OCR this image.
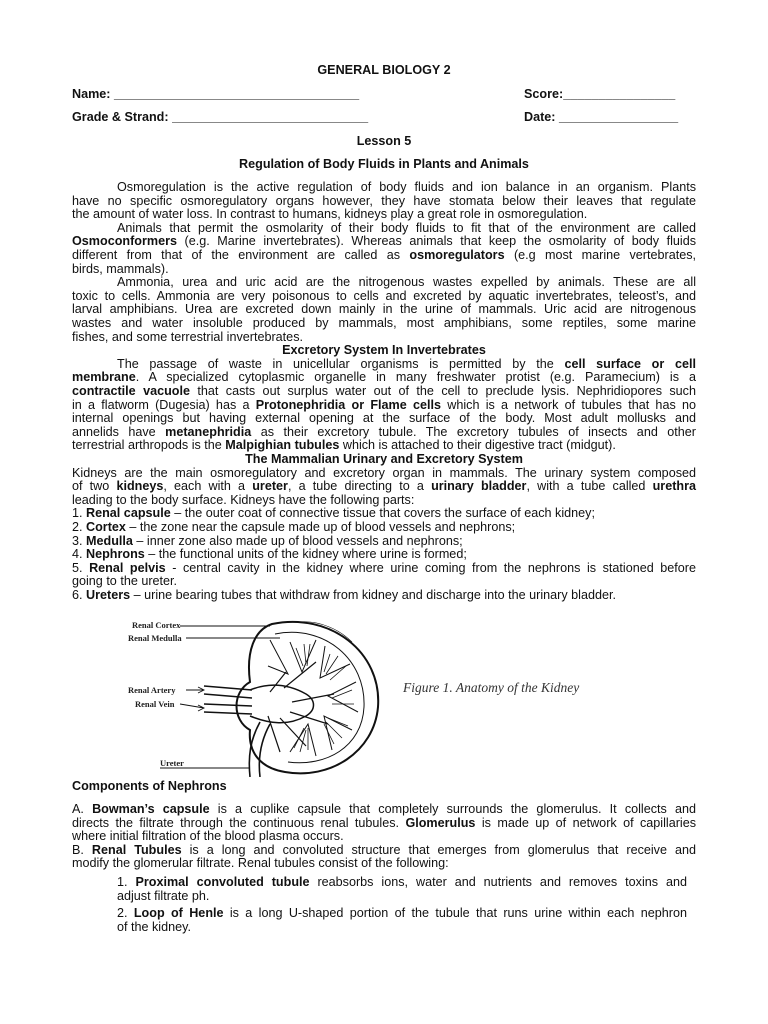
GENERAL BIOLOGY 2
Name: ___________________________________	Score:________________
Grade & Strand: ____________________________	Date: _________________
Lesson 5
Regulation of Body Fluids in Plants and Animals
Osmoregulation is the active regulation of body fluids and ion balance in an organism. Plants
have no specific osmoregulatory organs however, they have stomata below their leaves that regulate
the amount of water loss. In contrast to humans, kidneys play a great role in osmoregulation.
Animals that permit the osmolarity of their body fluids to fit that of the environment are called
Osmoconformers (e.g. Marine invertebrates). Whereas animals that keep the osmolarity of body fluids
different from that of the environment are called as osmoregulators (e.g most marine vertebrates,
birds, mammals).
Ammonia, urea and uric acid are the nitrogenous wastes expelled by animals. These are all
toxic to cells. Ammonia are very poisonous to cells and excreted by aquatic invertebrates, teleost’s, and
larval amphibians. Urea are excreted down mainly in the urine of mammals. Uric acid are nitrogenous
wastes and water insoluble produced by mammals, most amphibians, some reptiles, some marine
fishes, and some terrestrial invertebrates.
Excretory System In Invertebrates
The passage of waste in unicellular organisms is permitted by the cell surface or cell
membrane. A specialized cytoplasmic organelle in many freshwater protist (e.g. Paramecium) is a
contractile vacuole that casts out surplus water out of the cell to preclude lysis. Nephridiopores such
in a flatworm (Dugesia) has a Protonephridia or Flame cells which is a network of tubules that has no
internal openings but having external opening at the surface of the body. Most adult mollusks and
annelids have metanephridia as their excretory tubule. The excretory tubules of insects and other
terrestrial arthropods is the Malpighian tubules which is attached to their digestive tract (midgut).
The Mammalian Urinary and Excretory System
Kidneys are the main osmoregulatory and excretory organ in mammals. The urinary system composed
of two kidneys, each with a ureter, a tube directing to a urinary bladder, with a tube called urethra
leading to the body surface. Kidneys have the following parts:
1. Renal capsule – the outer coat of connective tissue that covers the surface of each kidney;
2. Cortex – the zone near the capsule made up of blood vessels and nephrons;
3. Medulla – inner zone also made up of blood vessels and nephrons;
4. Nephrons – the functional units of the kidney where urine is formed;
5. Renal pelvis - central cavity in the kidney where urine coming from the nephrons is stationed before
going to the ureter.
6. Ureters – urine bearing tubes that withdraw from kidney and discharge into the urinary bladder.
Renal Cortex
Renal Medulla
Renal Artery
Renal Vein
Ureter
Figure 1. Anatomy of the Kidney
Components of Nephrons
A. Bowman’s capsule is a cuplike capsule that completely surrounds the glomerulus. It collects and
directs the filtrate through the continuous renal tubules. Glomerulus is made up of network of capillaries
where initial filtration of the blood plasma occurs.
B. Renal Tubules is a long and convoluted structure that emerges from glomerulus that receive and
modify the glomerular filtrate. Renal tubules consist of the following:
1. Proximal convoluted tubule reabsorbs ions, water and nutrients and removes toxins and
adjust filtrate ph.
2. Loop of Henle is a long U-shaped portion of the tubule that runs urine within each nephron
of the kidney.
